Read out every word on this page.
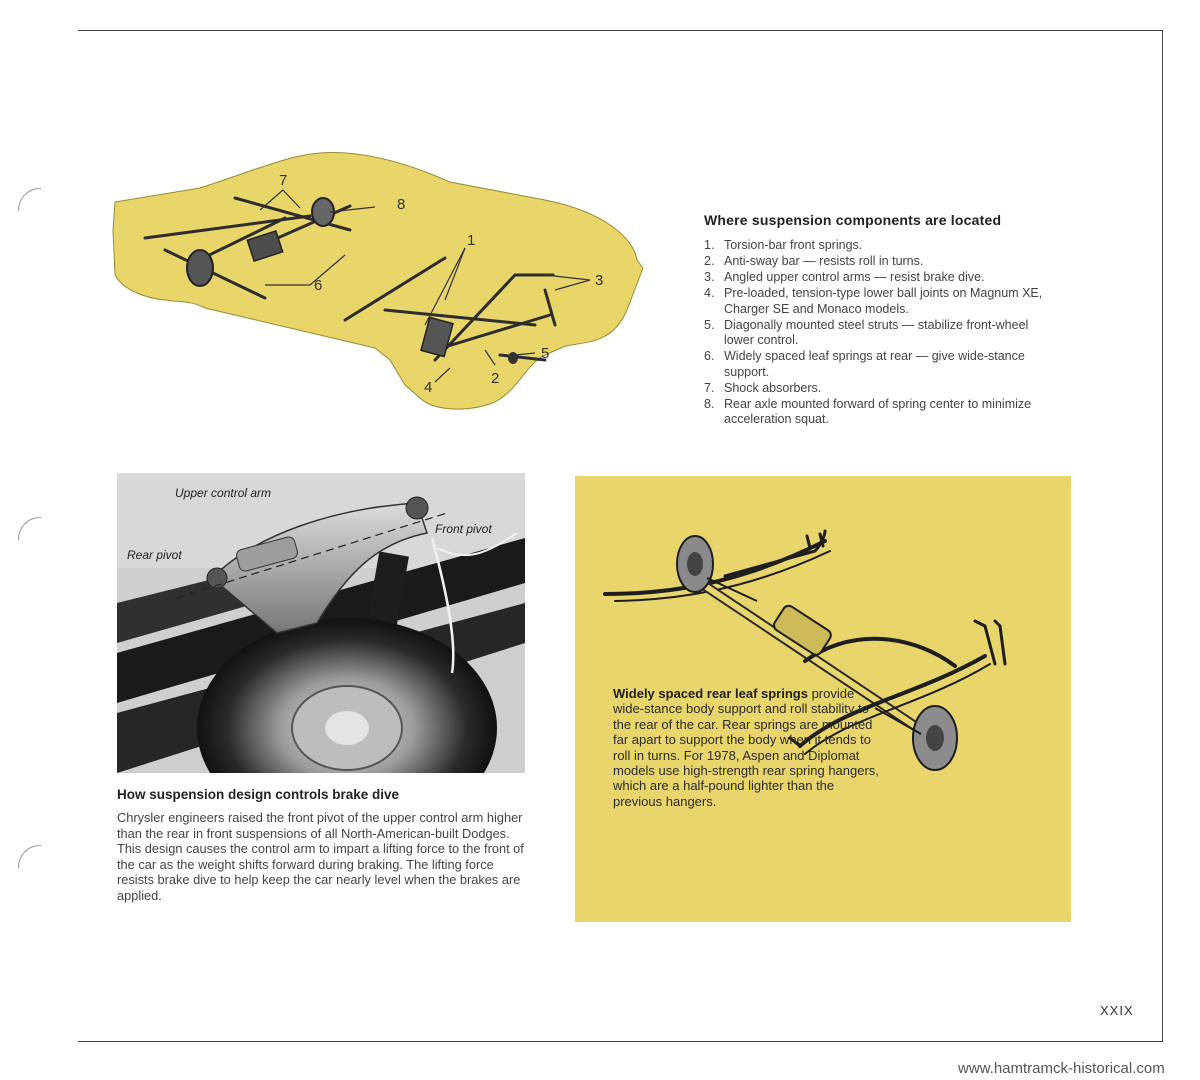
7
8
1
3
6
5
2
4
Where suspension components are located
1. Torsion-bar front springs.
2. Anti-sway bar — resists roll in turns.
3. Angled upper control arms — resist brake dive.
4. Pre-loaded, tension-type lower ball joints on Magnum XE, Charger SE and Monaco models.
5. Diagonally mounted steel struts — stabilize front-wheel lower control.
6. Widely spaced leaf springs at rear — give wide-stance support.
7. Shock absorbers.
8. Rear axle mounted forward of spring center to minimize acceleration squat.
Upper control arm
Front pivot
Rear pivot
How suspension design controls brake dive

Chrysler engineers raised the front pivot of the upper control arm higher than the rear in front suspensions of all North-American-built Dodges. This design causes the control arm to impart a lifting force to the front of the car as the weight shifts forward during braking. The lifting force resists brake dive to help keep the car nearly level when the brakes are applied.

Widely spaced rear leaf springs provide wide-stance body support and roll stability to the rear of the car. Rear springs are mounted far apart to support the body when it tends to roll in turns. For 1978, Aspen and Diplomat models use high-strength rear spring hangers, which are a half-pound lighter than the previous hangers.
XXIX
www.hamtramck-historical.com
